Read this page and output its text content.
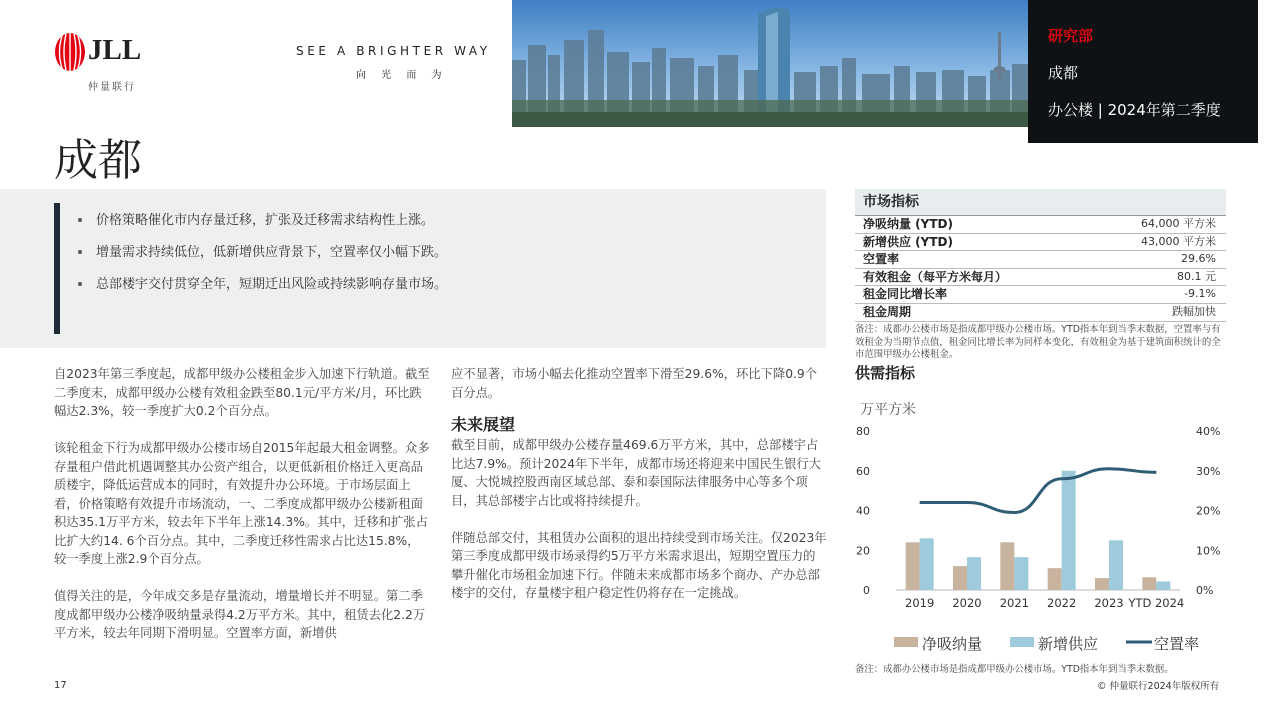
JLL
仲量联行
SEE A BRIGHTER WAY
向 光 而 为
研究部
成都
办公楼 | 2024年第二季度
成都
价格策略催化市内存量迁移，扩张及迁移需求结构性上涨。
增量需求持续低位，低新增供应背景下，空置率仅小幅下跌。
总部楼宇交付贯穿全年，短期迁出风险或持续影响存量市场。

自2023年第三季度起，成都甲级办公楼租金步入加速下行轨道。截至二季度末，成都甲级办公楼有效租金跌至80.1元/平方米/月，环比跌幅达2.3%，较一季度扩大0.2个百分点。

该轮租金下行为成都甲级办公楼市场自2015年起最大租金调整。众多存量租户借此机遇调整其办公资产组合，以更低新租价格迁入更高品质楼宇，降低运营成本的同时，有效提升办公环境。于市场层面上看，价格策略有效提升市场流动，一、二季度成都甲级办公楼新租面积达35.1万平方米，较去年下半年上涨14.3%。其中，迁移和扩张占比扩大约14. 6个百分点。其中，二季度迁移性需求占比达15.8%，较一季度上涨2.9个百分点。

值得关注的是，今年成交多是存量流动，增量增长并不明显。第二季度成都甲级办公楼净吸纳量录得4.2万平方米。其中，租赁去化2.2万平方米，较去年同期下滑明显。空置率方面，新增供

应不显著，市场小幅去化推动空置率下滑至29.6%，环比下降0.9个百分点。

未来展望

截至目前，成都甲级办公楼存量469.6万平方米，其中，总部楼宇占比达7.9%。预计2024年下半年，成都市场还将迎来中国民生银行大厦、大悦城控股西南区域总部、泰和泰国际法律服务中心等多个项目，其总部楼宇占比或将持续提升。

伴随总部交付，其租赁办公面积的退出持续受到市场关注。仅2023年第三季度成都甲级市场录得约5万平方米需求退出，短期空置压力的攀升催化市场租金加速下行。伴随未来成都市场多个商办、产办总部楼宇的交付，存量楼宇租户稳定性仍将存在一定挑战。

市场指标
净吸纳量 (YTD)	64,000 平方米
新增供应 (YTD)	43,000 平方米
空置率	29.6%
有效租金（每平方米每月）	80.1 元
租金同比增长率	-9.1%
租金周期	跌幅加快
备注：成都办公楼市场是指成都甲级办公楼市场。YTD指本年到当季末数据，空置率与有效租金为当期节点值，租金同比增长率为同样本变化，有效租金为基于建筑面积统计的全市范围甲级办公楼租金。
供需指标
万平方米
0
20
40
60
80
0%
10%
20%
30%
40%
2019 2020 2021 2022 2023 YTD 2024
净吸纳量	新增供应	空置率
备注：成都办公楼市场是指成都甲级办公楼市场。YTD指本年到当季末数据。
© 仲量联行2024年版权所有
17
